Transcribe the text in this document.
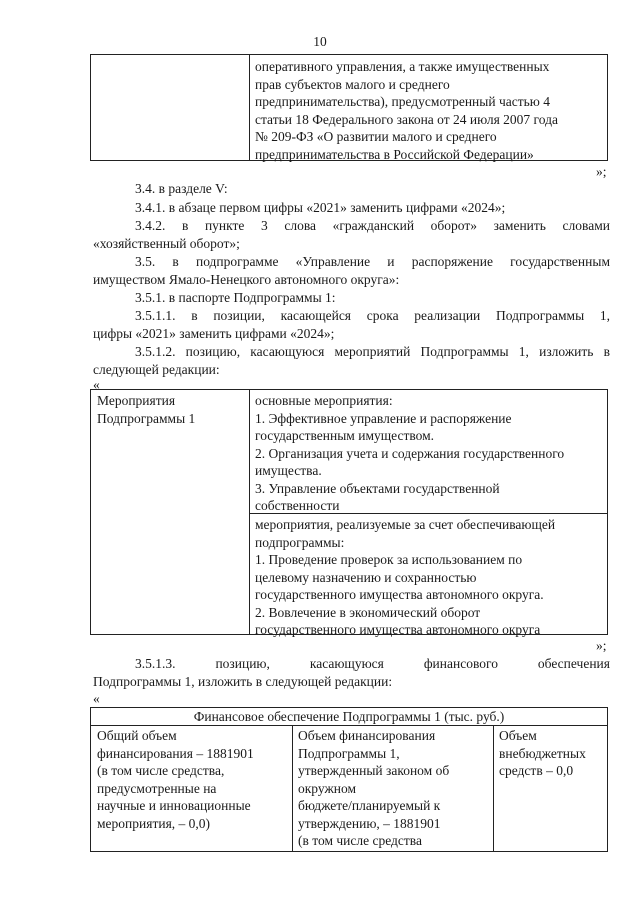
10
оперативного управления, а также имущественных
прав субъектов малого и среднего
предпринимательства), предусмотренный частью 4
статьи 18 Федерального закона от 24 июля 2007 года
№ 209-ФЗ «О развитии малого и среднего
предпринимательства в Российской Федерации»
»;
3.4. в разделе V:
3.4.1. в абзаце первом цифры «2021» заменить цифрами «2024»;
3.4.2. в пункте 3 слова «гражданский оборот» заменить словами
«хозяйственный оборот»;
3.5. в подпрограмме «Управление и распоряжение государственным
имуществом Ямало-Ненецкого автономного округа»:
3.5.1. в паспорте Подпрограммы 1:
3.5.1.1. в позиции, касающейся срока реализации Подпрограммы 1,
цифры «2021» заменить цифрами «2024»;
3.5.1.2. позицию, касающуюся мероприятий Подпрограммы 1, изложить в
следующей редакции:
«
Мероприятия
Подпрограммы 1
основные мероприятия:
1. Эффективное управление и распоряжение
государственным имуществом.
2. Организация учета и содержания государственного
имущества.
3. Управление объектами государственной
собственности
мероприятия, реализуемые за счет обеспечивающей
подпрограммы:
1. Проведение проверок за использованием по
целевому назначению и сохранностью
государственного имущества автономного округа.
2. Вовлечение в экономический оборот
государственного имущества автономного округа
»;
3.5.1.3. позицию, касающуюся финансового обеспечения
Подпрограммы 1, изложить в следующей редакции:
«
Финансовое обеспечение Подпрограммы 1 (тыс. руб.)
Общий объем
финансирования – 1881901
(в том числе средства,
предусмотренные на
научные и инновационные
мероприятия, – 0,0)
Объем финансирования
Подпрограммы 1,
утвержденный законом об
окружном
бюджете/планируемый к
утверждению, – 1881901
(в том числе средства
Объем
внебюджетных
средств – 0,0
